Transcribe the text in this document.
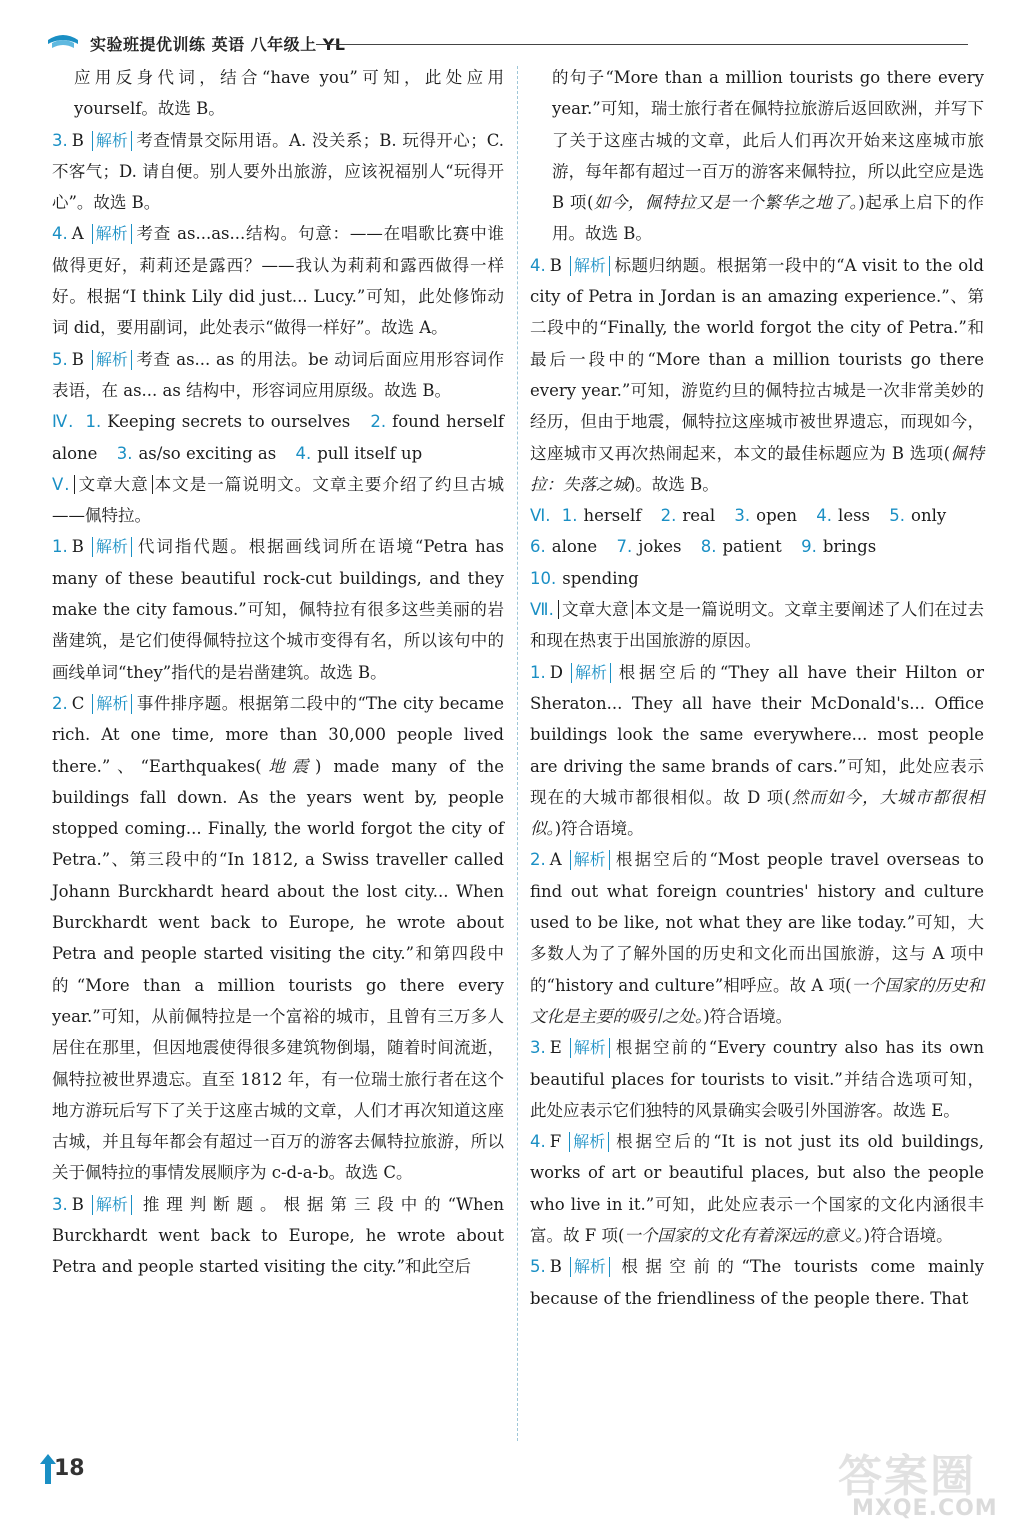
实验班提优训练 英语 八年级上 YL

应用反身代词，结合“have you”可知，此处应用yourself。故选 B。

3. B 解析 考查情景交际用语。A. 没关系；B. 玩得开心；C. 不客气；D. 请自便。别人要外出旅游，应该祝福别人“玩得开心”。故选 B。

4. A 解析 考查 as...as...结构。句意：——在唱歌比赛中谁做得更好，莉莉还是露西？——我认为莉莉和露西做得一样好。根据“I think Lily did just... Lucy.”可知，此处修饰动词 did，要用副词，此处表示“做得一样好”。故选 A。

5. B 解析 考查 as... as 的用法。be 动词后面应用形容词作表语，在 as... as 结构中，形容词应用原级。故选 B。

Ⅳ. 1. Keeping secrets to ourselves 2. found herself alone 3. as/so exciting as 4. pull itself up

Ⅴ. 文章大意 本文是一篇说明文。文章主要介绍了约旦古城——佩特拉。

1. B 解析 代词指代题。根据画线词所在语境“Petra has many of these beautiful rock-cut buildings, and they make the city famous.”可知，佩特拉有很多这些美丽的岩凿建筑，是它们使得佩特拉这个城市变得有名，所以该句中的画线单词“they”指代的是岩凿建筑。故选 B。

2. C 解析 事件排序题。根据第二段中的“The city became rich. At one time, more than 30,000 people lived there.”、“Earthquakes(地震) made many of the buildings fall down. As the years went by, people stopped coming... Finally, the world forgot the city of Petra.”、第三段中的“In 1812, a Swiss traveller called Johann Burckhardt heard about the lost city... When Burckhardt went back to Europe, he wrote about Petra and people started visiting the city.”和第四段中的“More than a million tourists go there every year.”可知，从前佩特拉是一个富裕的城市，且曾有三万多人居住在那里，但因地震使得很多建筑物倒塌，随着时间流逝，佩特拉被世界遗忘。直至 1812 年，有一位瑞士旅行者在这个地方游玩后写下了关于这座古城的文章，人们才再次知道这座古城，并且每年都会有超过一百万的游客去佩特拉旅游，所以关于佩特拉的事情发展顺序为 c-d-a-b。故选 C。

3. B 解析 推理判断题。根据第三段中的“When Burckhardt went back to Europe, he wrote about Petra and people started visiting the city.”和此空后

的句子“More than a million tourists go there every year.”可知，瑞士旅行者在佩特拉旅游后返回欧洲，并写下了关于这座古城的文章，此后人们再次开始来这座城市旅游，每年都有超过一百万的游客来佩特拉，所以此空应是选 B 项(如今，佩特拉又是一个繁华之地了。)起承上启下的作用。故选 B。

4. B 解析 标题归纳题。根据第一段中的“A visit to the old city of Petra in Jordan is an amazing experience.”、第二段中的“Finally, the world forgot the city of Petra.”和最后一段中的“More than a million tourists go there every year.”可知，游览约旦的佩特拉古城是一次非常美妙的经历，但由于地震，佩特拉这座城市被世界遗忘，而现如今，这座城市又再次热闹起来，本文的最佳标题应为 B 选项(佩特拉：失落之城)。故选 B。

Ⅵ. 1. herself 2. real 3. open 4. less 5. only
6. alone 7. jokes 8. patient 9. brings
10. spending

Ⅶ. 文章大意 本文是一篇说明文。文章主要阐述了人们在过去和现在热衷于出国旅游的原因。

1. D 解析 根据空后的“They all have their Hilton or Sheraton... They all have their McDonald's... Office buildings look the same everywhere... most people are driving the same brands of cars.”可知，此处应表示现在的大城市都很相似。故 D 项(然而如今，大城市都很相似。)符合语境。

2. A 解析 根据空后的“Most people travel overseas to find out what foreign countries' history and culture used to be like, not what they are like today.”可知，大多数人为了了解外国的历史和文化而出国旅游，这与 A 项中的“history and culture”相呼应。故 A 项(一个国家的历史和文化是主要的吸引之处。)符合语境。

3. E 解析 根据空前的“Every country also has its own beautiful places for tourists to visit.”并结合选项可知，此处应表示它们独特的风景确实会吸引外国游客。故选 E。

4. F 解析 根据空后的“It is not just its old buildings, works of art or beautiful places, but also the people who live in it.”可知，此处应表示一个国家的文化内涵很丰富。故 F 项(一个国家的文化有着深远的意义。)符合语境。

5. B 解析 根据空前的“The tourists come mainly because of the friendliness of the people there. That

18	答案圈
MXQE.COM
